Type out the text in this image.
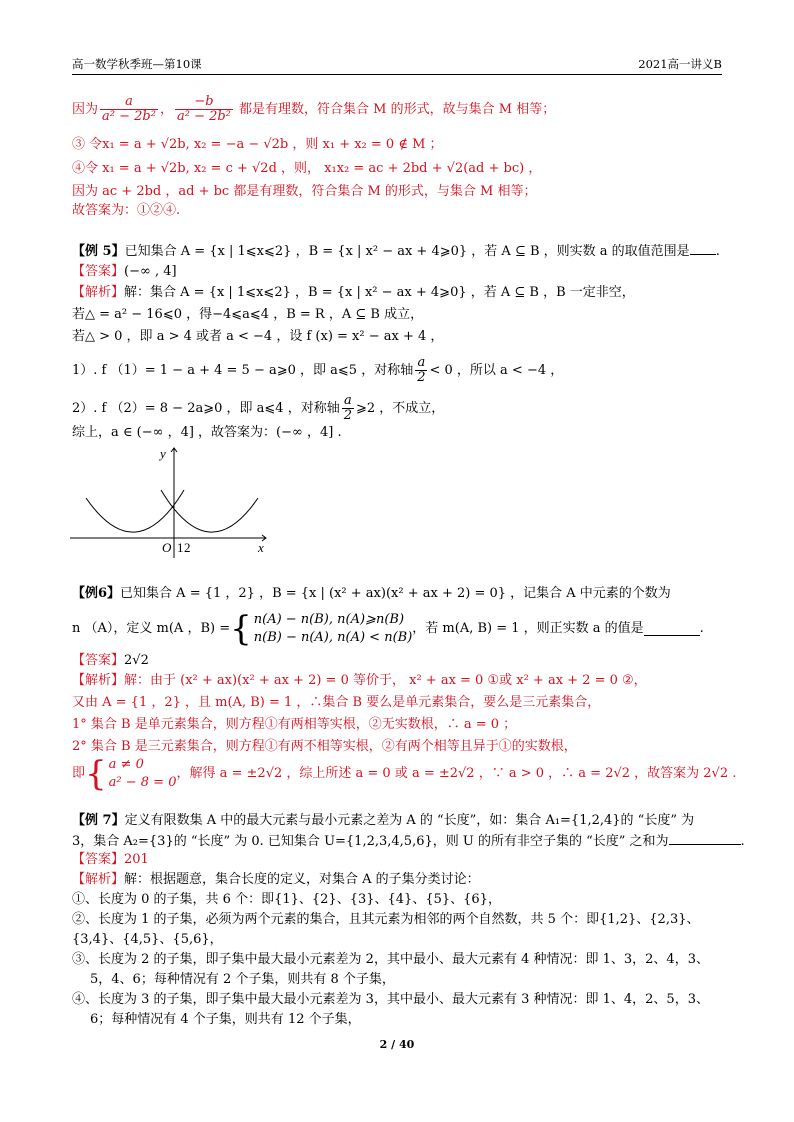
高一数学秋季班—第10课	2021高一讲义B
因为 $\frac{a}{\text{a² − 2b²}}$ ， $\frac{-b}{\text{a² − 2b²}}$ 都是有理数，符合集合 M 的形式，故与集合 M 相等；
③ 令x₁ = a + √2b, x₂ = −a − √2b ，则 x₁ + x₂ = 0 ∉ M ；
④令 x₁ = a + √2b, x₂ = c + √2d ，则， x₁x₂ = ac + 2bd + √2(ad + bc) ，
因为 ac + 2bd ，ad + bc 都是有理数，符合集合 M 的形式，与集合 M 相等；
故答案为：①②④.
【例 5】已知集合 A = {x | 1⩽x⩽2} ，B = {x | x² − ax + 4⩾0} ，若 A ⊆ B ，则实数 a 的取值范围是 .
【答案】(−∞ , 4]
【解析】解：集合 A = {x | 1⩽x⩽2} ，B = {x | x² − ax + 4⩾0} ，若 A ⊆ B ，B 一定非空，
若△ = a² − 16⩽0 ，得−4⩽a⩽4 ，B = R ，A ⊆ B 成立，
若△ > 0 ，即 a > 4 或者 a < −4 ，设 f (x) = x² − ax + 4 ，
1）. f （1）= 1 − a + 4 = 5 − a⩾0 ，即 a⩽5 ，对称轴 $\frac{a}{2} < 0$ ，所以 a < −4 ，
2）. f （2）= 8 − 2a⩾0 ，即 a⩽4 ，对称轴 $\frac{a}{2}$ ⩾2 ，不成立，
综上，a ∈ (−∞ ，4] ，故答案为：(−∞ ，4] .
y
x
O 1 2
【例6】已知集合 A = {1 ，2} ，B = {x | (x² + ax)(x² + ax + 2) = 0} ，记集合 A 中元素的个数为
n （A），定义 m(A ，B) ={ n(A) − n(B), n(A)⩾n(B)
n(B) − n(A), n(A) < n(B)
，若 m(A, B) = 1 ，则正实数 a 的值是	.
【答案】2√2
【解析】解：由于 (x² + ax)(x² + ax + 2) = 0 等价于， x² + ax = 0 ①或 x² + ax + 2 = 0 ②，
又由 A = {1 ，2} ，且 m(A, B) = 1 ，∴集合 B 要么是单元素集合，要么是三元素集合，
1° 集合 B 是单元素集合，则方程①有两相等实根，②无实数根，∴ a = 0 ；
2° 集合 B 是三元素集合，则方程①有两不相等实根，②有两个相等且异于①的实数根，
即{ a ≠ 0
a² − 8 = 0
，解得 a = ±2√2 ，综上所述 a = 0 或 a = ±2√2 ，∵ a > 0 ，∴ a = 2√2 ，故答案为 2√2 .
【例 7】定义有限数集 A 中的最大元素与最小元素之差为 A 的 “长度”，如：集合 A₁={1,2,4}的 “长度” 为
3，集合 A₂={3}的 “长度” 为 0. 已知集合 U={1,2,3,4,5,6}，则 U 的所有非空子集的 “长度” 之和为	.
【答案】201
【解析】解：根据题意，集合长度的定义，对集合 A 的子集分类讨论：
①、长度为 0 的子集，共 6 个：即{1}、{2}、{3}、{4}、{5}、{6}，
②、长度为 1 的子集，必须为两个元素的集合，且其元素为相邻的两个自然数，共 5 个：即{1,2}、{2,3}、
{3,4}、{4,5}、{5,6}，
③、长度为 2 的子集，即子集中最大最小元素差为 2，其中最小、最大元素有 4 种情况：即 1、3，2、4，3、
5，4、6；每种情况有 2 个子集，则共有 8 个子集，
④、长度为 3 的子集，即子集中最大最小元素差为 3，其中最小、最大元素有 3 种情况：即 1、4，2、5，3、
6；每种情况有 4 个子集，则共有 12 个子集，
2 / 40
